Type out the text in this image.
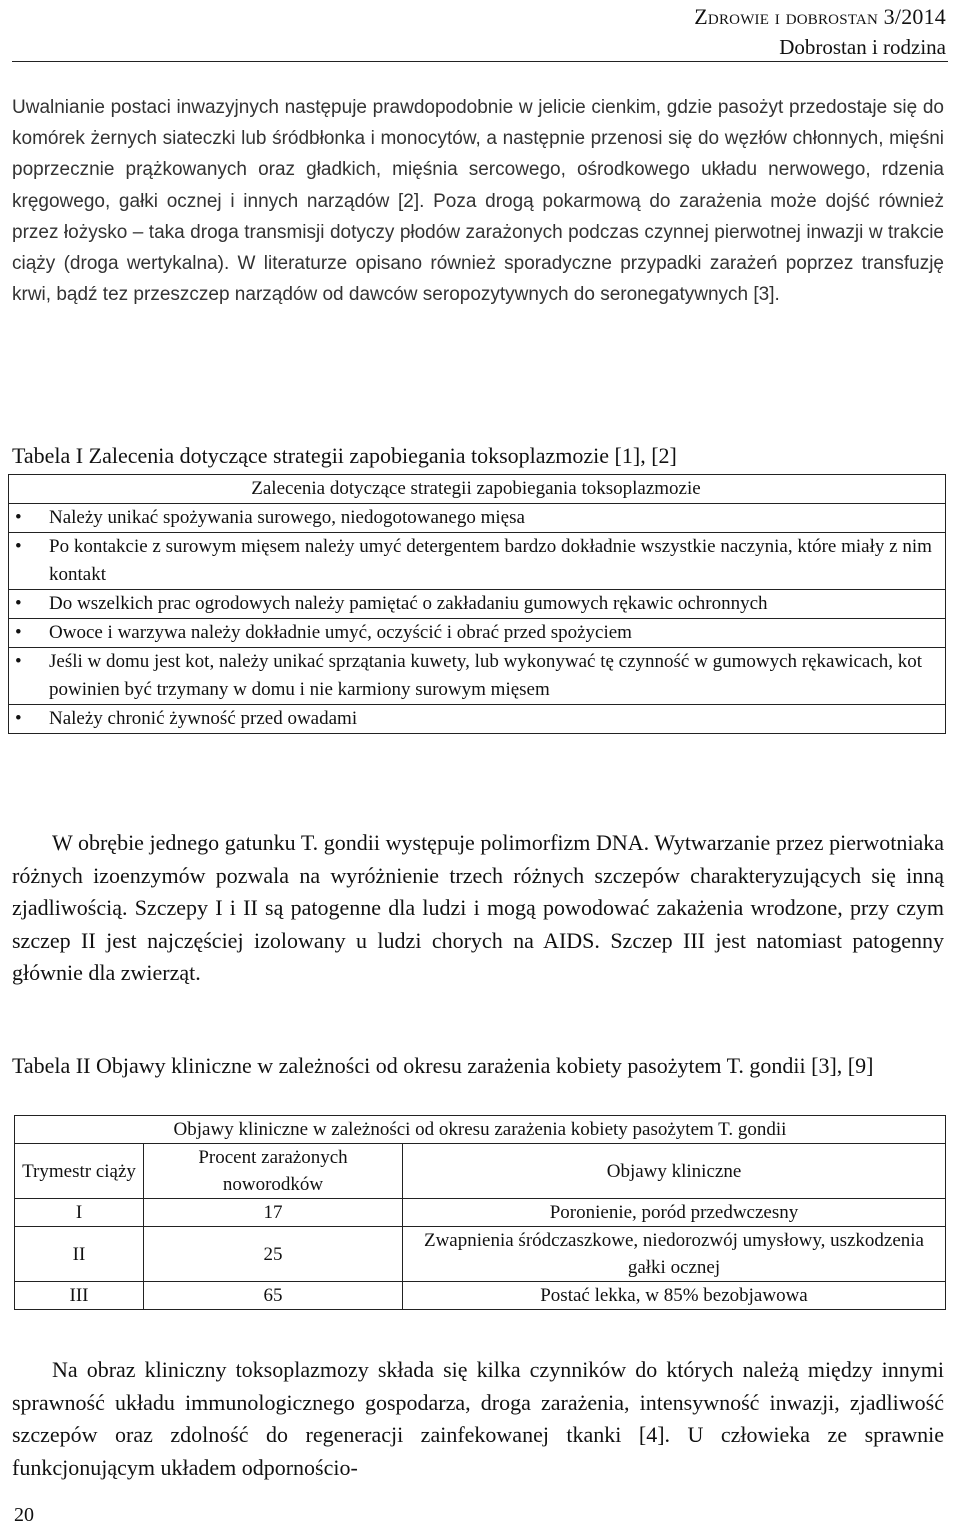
Zdrowie i dobrostan 3/2014
Dobrostan i rodzina

Uwalnianie postaci inwazyjnych następuje prawdopodobnie w jelicie cienkim, gdzie pasożyt przedostaje się do komórek żernych siateczki lub śródbłonka i monocytów, a następnie przenosi się do węzłów chłonnych, mięśni poprzecznie prążkowanych oraz gładkich, mięśnia sercowego, ośrodkowego układu nerwowego, rdzenia kręgowego, gałki ocznej i innych narządów [2]. Poza drogą pokarmową do zarażenia może dojść również przez łożysko – taka droga transmisji dotyczy płodów zarażonych podczas czynnej pierwotnej inwazji w trakcie ciąży (droga wertykalna). W literaturze opisano również sporadyczne przypadki zarażeń poprzez transfuzję krwi, bądź tez przeszczep narządów od dawców seropozytywnych do seronegatywnych [3].

Tabela I Zalecenia dotyczące strategii zapobiegania toksoplazmozie [1], [2]
Zalecenia dotyczące strategii zapobiegania toksoplazmozie

• Należy unikać spożywania surowego, niedogotowanego mięsa

• Po kontakcie z surowym mięsem należy umyć detergentem bardzo dokładnie wszystkie naczynia, które miały z nim kontakt

• Do wszelkich prac ogrodowych należy pamiętać o zakładaniu gumowych rękawic ochronnych

• Owoce i warzywa należy dokładnie umyć, oczyścić i obrać przed spożyciem

• Jeśli w domu jest kot, należy unikać sprzątania kuwety, lub wykonywać tę czynność w gumowych rękawicach, kot powinien być trzymany w domu i nie karmiony surowym mięsem

• Należy chronić żywność przed owadami

W obrębie jednego gatunku T. gondii występuje polimorfizm DNA. Wytwarzanie przez pierwotniaka różnych izoenzymów pozwala na wyróżnienie trzech różnych szczepów charakteryzujących się inną zjadliwością. Szczepy I i II są patogenne dla ludzi i mogą powodować zakażenia wrodzone, przy czym szczep II jest najczęściej izolowany u ludzi chorych na AIDS. Szczep III jest natomiast patogenny głównie dla zwierząt.

Tabela II Objawy kliniczne w zależności od okresu zarażenia kobiety pasożytem T. gondii [3], [9]
Objawy kliniczne w zależności od okresu zarażenia kobiety pasożytem T. gondii		
Trymestr ciąży	Procent zarażonych noworodków	Objawy kliniczne
I	17	Poronienie, poród przedwczesny
II	25	Zwapnienia śródczaszkowe, niedorozwój umysłowy, uszkodzenia gałki ocznej
III	65	Postać lekka, w 85% bezobjawowa

Na obraz kliniczny toksoplazmozy składa się kilka czynników do których należą między innymi sprawność układu immunologicznego gospodarza, droga zarażenia, intensywność inwazji, zjadliwość szczepów oraz zdolność do regeneracji zainfekowanej tkanki [4]. U człowieka ze sprawnie funkcjonującym układem odpornościo-

20
